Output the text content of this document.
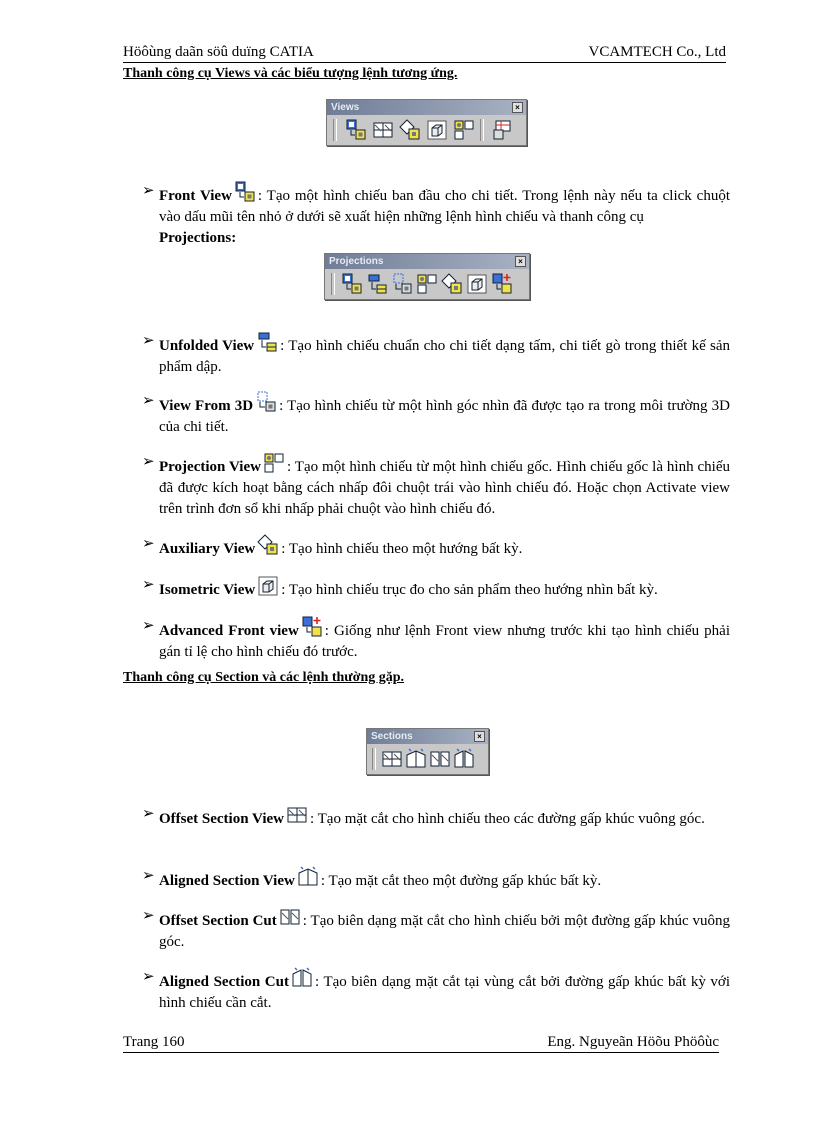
Höôùng daãn söû duïng CATIA	VCAMTECH Co., Ltd
Thanh công cụ Views và các biểu tượng lệnh tương ứng.
Views	×
➢ Front View : Tạo một hình chiếu ban đầu cho chi tiết. Trong lệnh này nếu ta click chuột vào dấu mũi tên nhỏ ở dưới sẽ xuất hiện những lệnh hình chiếu và thanh công cụ
Projections:
Projections	×
➢ Unfolded View : Tạo hình chiếu chuẩn cho chi tiết dạng tấm, chi tiết gò trong thiết kế sản phẩm dập.
➢ View From 3D : Tạo hình chiếu từ một hình góc nhìn đã được tạo ra trong môi trường 3D của chi tiết.
➢ Projection View : Tạo một hình chiếu từ một hình chiếu gốc. Hình chiếu gốc là hình chiếu đã được kích hoạt bằng cách nhấp đôi chuột trái vào hình chiếu đó. Hoặc chọn Activate view trên trình đơn sổ khi nhấp phải chuột vào hình chiếu đó.
➢ Auxiliary View : Tạo hình chiếu theo một hướng bất kỳ.
➢ Isometric View : Tạo hình chiếu trục đo cho sản phẩm theo hướng nhìn bất kỳ.
➢ Advanced Front view : Giống như lệnh Front view nhưng trước khi tạo hình chiếu phải gán tỉ lệ cho hình chiếu đó trước.
Thanh công cụ Section và các lệnh thường gặp.
Sections	×
➢ Offset Section View : Tạo mặt cắt cho hình chiếu theo các đường gấp khúc vuông góc.
➢ Aligned Section View : Tạo mặt cắt theo một đường gấp khúc bất kỳ.
➢ Offset Section Cut : Tạo biên dạng mặt cắt cho hình chiếu bởi một đường gấp khúc vuông góc.
➢ Aligned Section Cut : Tạo biên dạng mặt cắt tại vùng cắt bởi đường gấp khúc bất kỳ với hình chiếu cần cắt.
Trang 160	Eng. Nguyeãn Höõu Phöôùc
